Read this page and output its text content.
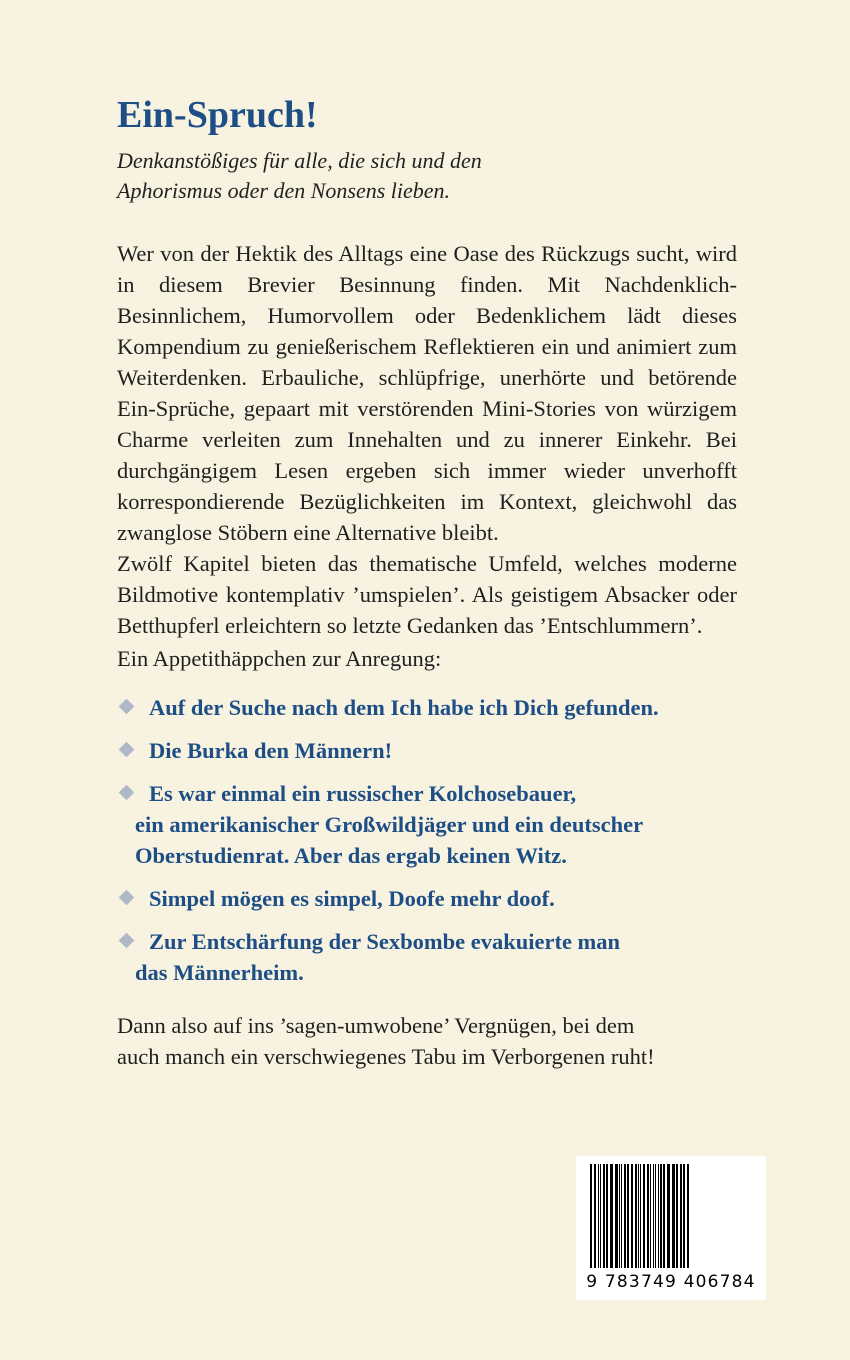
Ein-Spruch!

Denkanstößiges für alle, die sich und den
Aphorismus oder den Nonsens lieben.

Wer von der Hektik des Alltags eine Oase des Rückzugs sucht, wird in diesem Brevier Besinnung finden. Mit Nachdenklich-Besinnlichem, Humorvollem oder Bedenklichem lädt dieses Kompendium zu genießerischem Reflektieren ein und animiert zum Weiterdenken. Erbauliche, schlüpfrige, unerhörte und betörende Ein-Sprüche, gepaart mit verstörenden Mini-Stories von würzigem Charme verleiten zum Innehalten und zu innerer Einkehr. Bei durchgängigem Lesen ergeben sich immer wieder unverhofft korrespondierende Bezüglichkeiten im Kontext, gleichwohl das zwanglose Stöbern eine Alternative bleibt.

Zwölf Kapitel bieten das thematische Umfeld, welches moderne Bildmotive kontemplativ ’umspielen’. Als geistigem Absacker oder Betthupferl erleichtern so letzte Gedanken das ’Entschlummern’.

Ein Appetithäppchen zur Anregung:

Auf der Suche nach dem Ich habe ich Dich gefunden.
Die Burka den Männern!
Es war einmal ein russischer Kolchosebauer,
ein amerikanischer Großwildjäger und ein deutscher
Oberstudienrat. Aber das ergab keinen Witz.
Simpel mögen es simpel, Doofe mehr doof.
Zur Entschärfung der Sexbombe evakuierte man
das Männerheim.
Dann also auf ins ’sagen-umwobene’ Vergnügen, bei dem
auch manch ein verschwiegenes Tabu im Verborgenen ruht!
9 783749 406784
